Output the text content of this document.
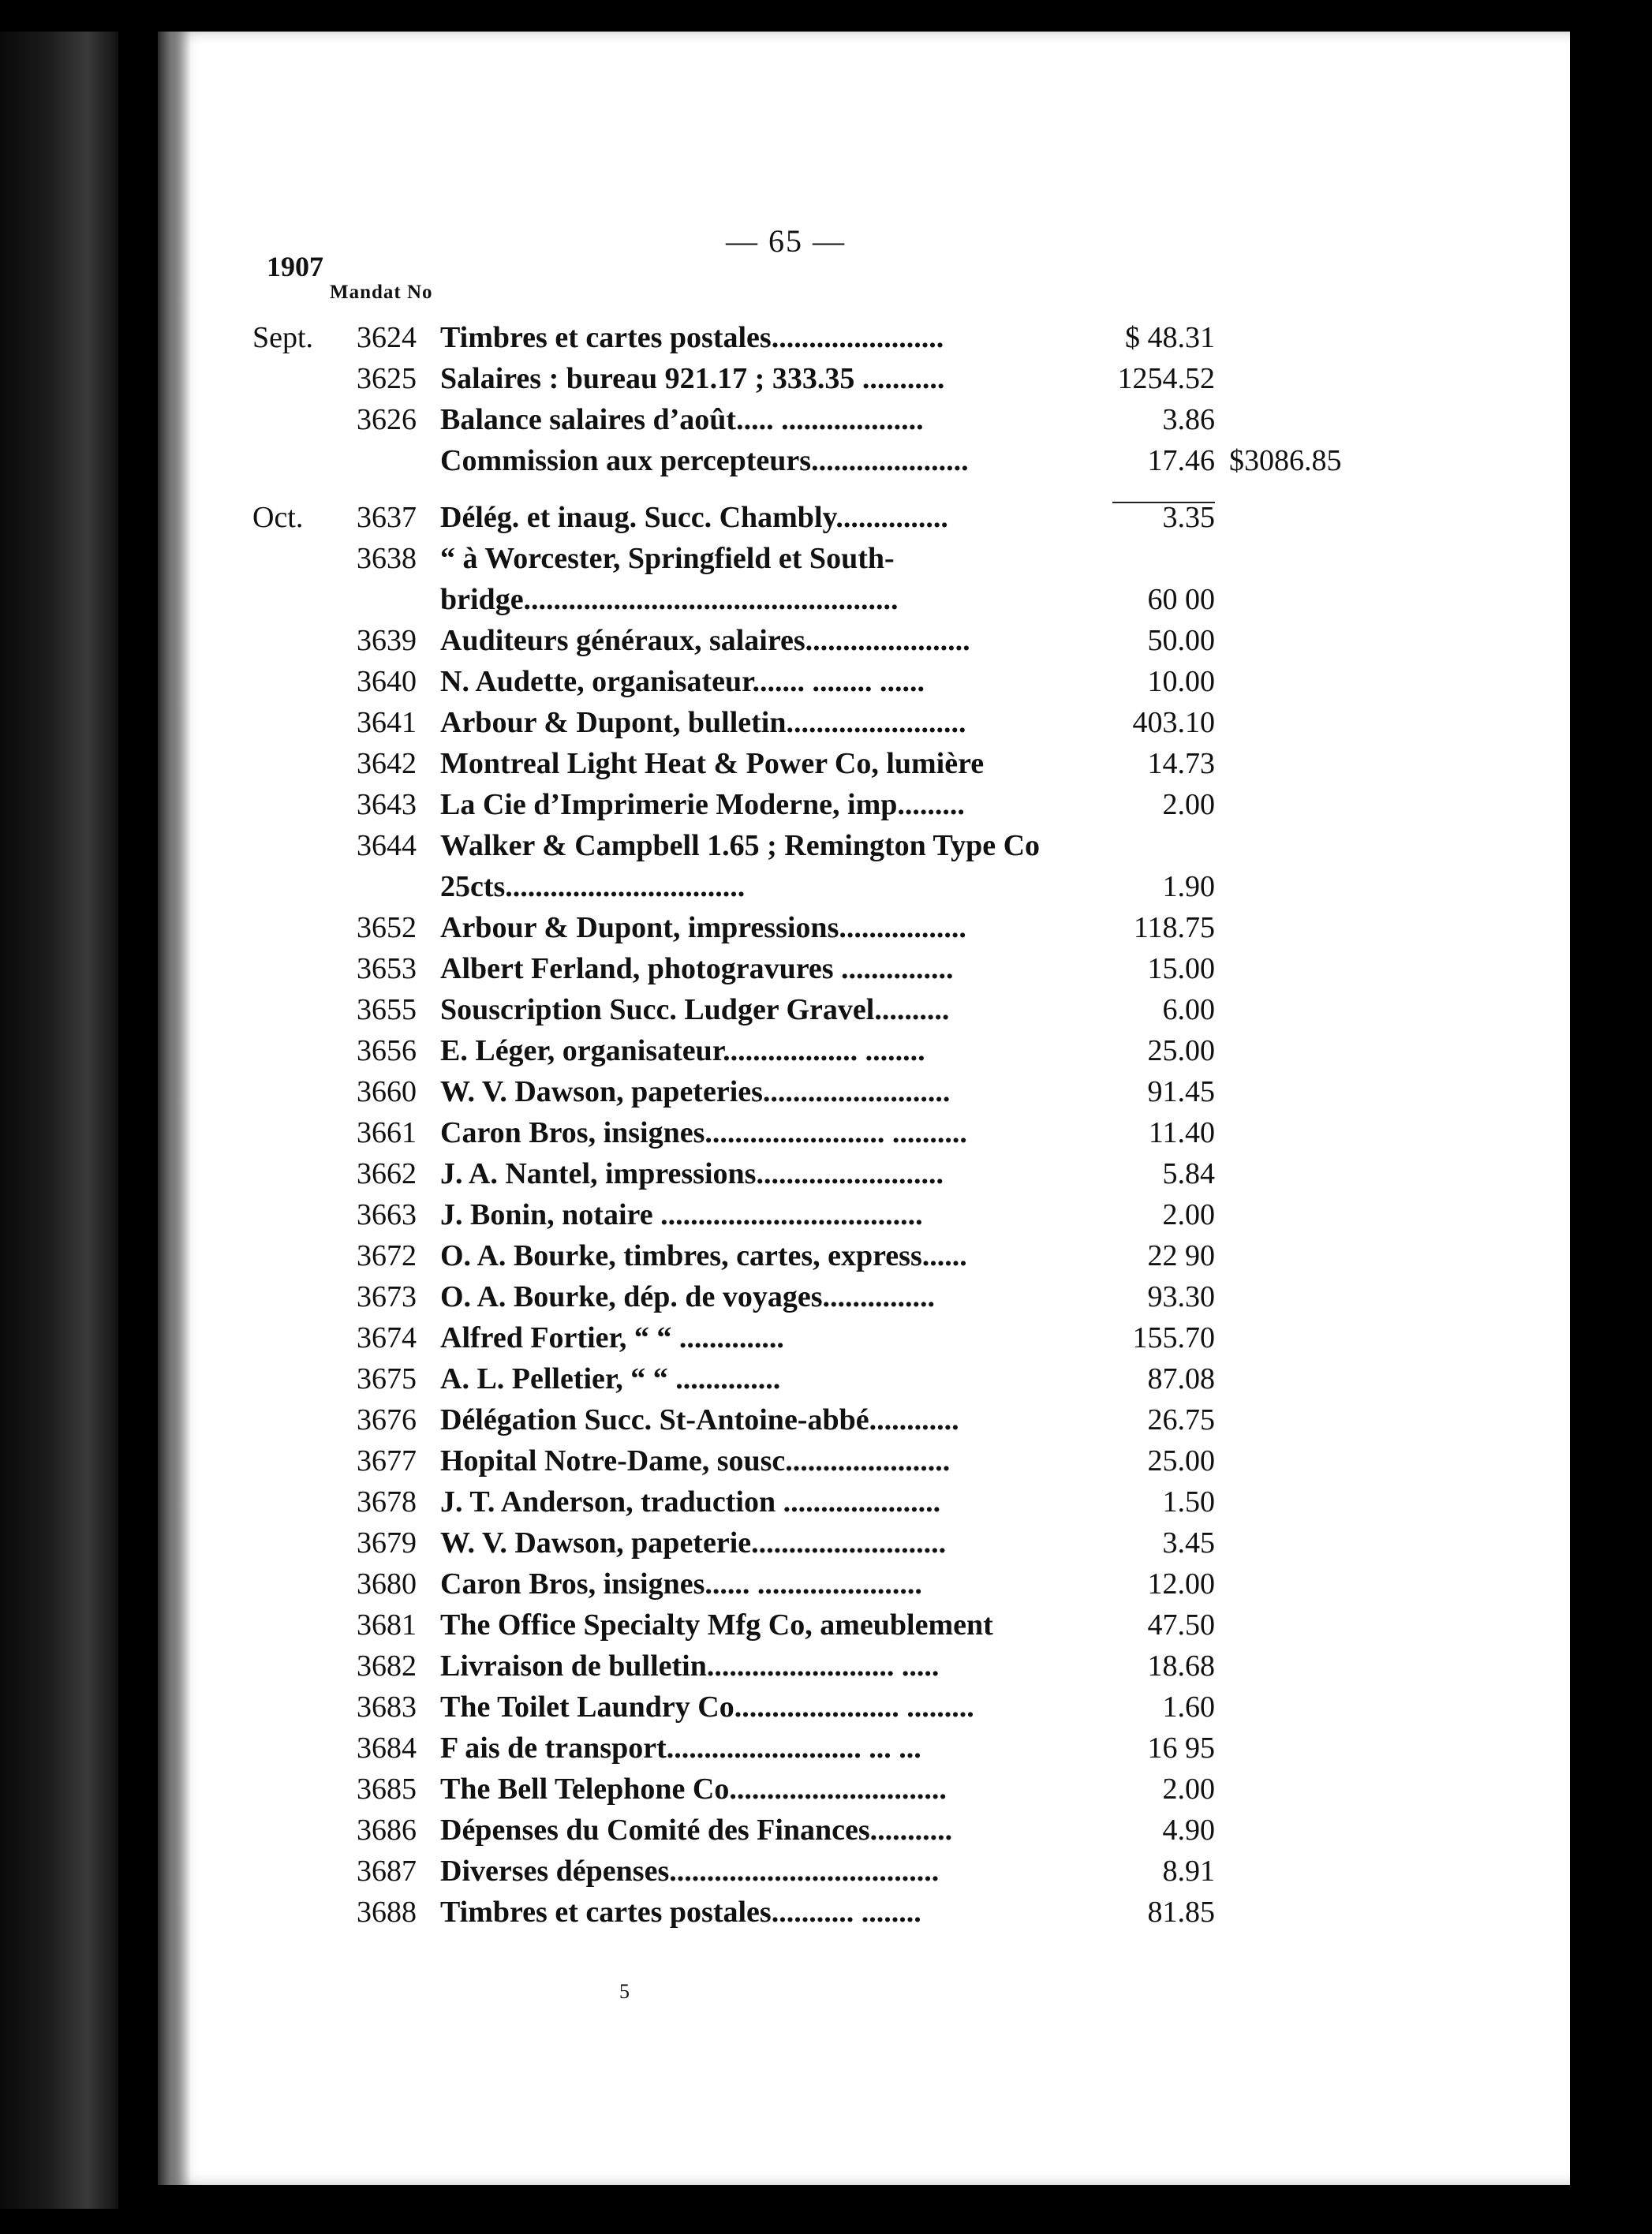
— 65 —
1907
Mandat No
Sept.	3624 Timbres et cartes postales.......................	$ 48.31
3625 Salaires : bureau 921.17 ; 333.35 ...........	1254.52
3626 Balance salaires d’août..... ...................	3.86
Commission aux percepteurs.....................	17.46 $3086.85
Oct.	3637 Délég. et inaug. Succ. Chambly...............	3.35
3638 “ à Worcester, Springfield et South-bridge..................................................	60 00
3639 Auditeurs généraux, salaires......................	50.00
3640 N. Audette, organisateur....... ........ ......	10.00
3641 Arbour & Dupont, bulletin........................	403.10
3642 Montreal Light Heat & Power Co, lumière	14.73
3643 La Cie d’Imprimerie Moderne, imp.........	2.00
3644 Walker & Campbell 1.65 ; Remington Type Co 25cts................................	1.90
3652 Arbour & Dupont, impressions.................	118.75
3653 Albert Ferland, photogravures ...............	15.00
3655 Souscription Succ. Ludger Gravel..........	6.00
3656 E. Léger, organisateur.................. ........	25.00
3660 W. V. Dawson, papeteries.........................	91.45
3661 Caron Bros, insignes........................ ..........	11.40
3662 J. A. Nantel, impressions.........................	5.84
3663 J. Bonin, notaire ...................................	2.00
3672 O. A. Bourke, timbres, cartes, express......	22 90
3673 O. A. Bourke, dép. de voyages...............	93.30
3674 Alfred Fortier, “ “ ..............	155.70
3675 A. L. Pelletier, “ “ ..............	87.08
3676 Délégation Succ. St-Antoine-abbé............	26.75
3677 Hopital Notre-Dame, sousc......................	25.00
3678 J. T. Anderson, traduction .....................	1.50
3679 W. V. Dawson, papeterie..........................	3.45
3680 Caron Bros, insignes...... ......................	12.00
3681 The Office Specialty Mfg Co, ameublement	47.50
3682 Livraison de bulletin......................... .....	18.68
3683 The Toilet Laundry Co...................... .........	1.60
3684 F ais de transport.......................... ... ...	16 95
3685 The Bell Telephone Co.............................	2.00
3686 Dépenses du Comité des Finances...........	4.90
3687 Diverses dépenses....................................	8.91
3688 Timbres et cartes postales........... ........	81.85
5
